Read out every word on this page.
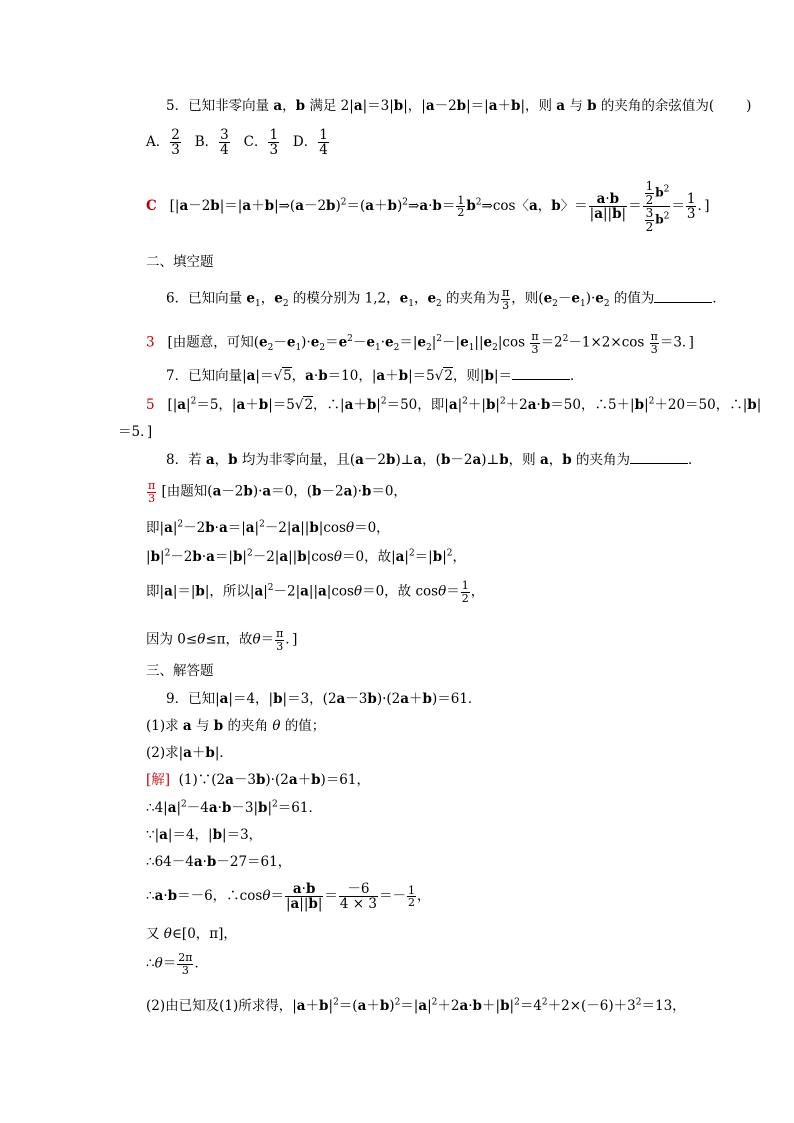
5．已知非零向量 a，b 满足 2|a|＝3|b|，|a－2b|＝|a＋b|，则 a 与 b 的夹角的余弦值为( )
A． $\frac{2}{3}$ B． $\frac{3}{4}$ C． $\frac{1}{3}$ D． $\frac{1}{4}$
C   [$|a-2b|=|a+b|\Rightarrow(a-2b)^2=(a+b)^2\Rightarrow a\cdot b= \frac{1}{2}$ $b^2\Rightarrow\cos$〈a，b〉＝ $\frac{a\cdot b}{|a||b|} = \frac{\frac{1}{2} b^2}{\frac{3}{2} b^2} = \frac{1}{3}$ ．]
二、填空题
6．已知向量 $e_1$，$e_2$ 的模分别为 1,2，$e_1$，$e_2$ 的夹角为 $\frac{\pi}{3}$ ，则$(e_2-e_1)\cdot e_2$ 的值为	．
3   [由题意，可知$(e_2-e_1)\cdot e_2=e^2-e_1\cdot e_2=|e_2|^2-|e_1||e_2|\cos \frac{\pi}{3} =2^2-1\times 2\times\cos \frac{\pi}{3} =3$．]
7．已知向量|a|＝√5，a·b＝10，|a＋b|＝5√2，则|b|＝	．
5   [$|a|^2=5$，|a＋b|＝5√2，$\therefore|a+b|^2=50$，即$|a|^2+|b|^2+2a\cdot b=50$，$\therefore 5+|b|^2+20=50$，∴|b|
＝5．]
8．若 a，b 均为非零向量，且(a－2b)⊥a，(b－2a)⊥b，则 a，b 的夹角为	．
$\frac{\pi}{3}$ [由题知(a－2b)·a＝0，(b－2a)·b＝0，
即$|a|^2-2b\cdot a=|a|^2-2|a||b|\cos\theta=0$，
$|b|^2-2b\cdot a=|b|^2-2|a||b|\cos\theta=0$，故$|a|^2=|b|^2$，
即|a|＝|b|，所以$|a|^2-2|a||a|\cos\theta=0$，故 $\cos\theta= \frac{1}{2}$ ，
因为 0≤θ≤π，故$\theta= \frac{\pi}{3}$ ．]
三、解答题
9．已知|a|＝4，|b|＝3，(2a－3b)·(2a＋b)＝61．
(1)求 a 与 b 的夹角 θ 的值；
(2)求|a＋b|．
[解]  (1)∵(2a－3b)·(2a＋b)＝61，
$\therefore 4|a|^2-4a\cdot b-3|b|^2=61$．
∵|a|＝4，|b|＝3，
∴64－4a·b－27＝61，
∴a·b＝－6，∴cosθ＝ $\frac{a\cdot b}{|a||b|} = \frac{-6}{4 \times 3} =- \frac{1}{2}$ ，
又 θ∈[0，π]，
∴θ＝ $\frac{2\pi}{3}$ ．
(2)由已知及(1)所求得，$|a+b|^2=(a+b)^2=|a|^2+2a\cdot b+|b|^2=4^2+2\times(-6)+3^2=13$，
